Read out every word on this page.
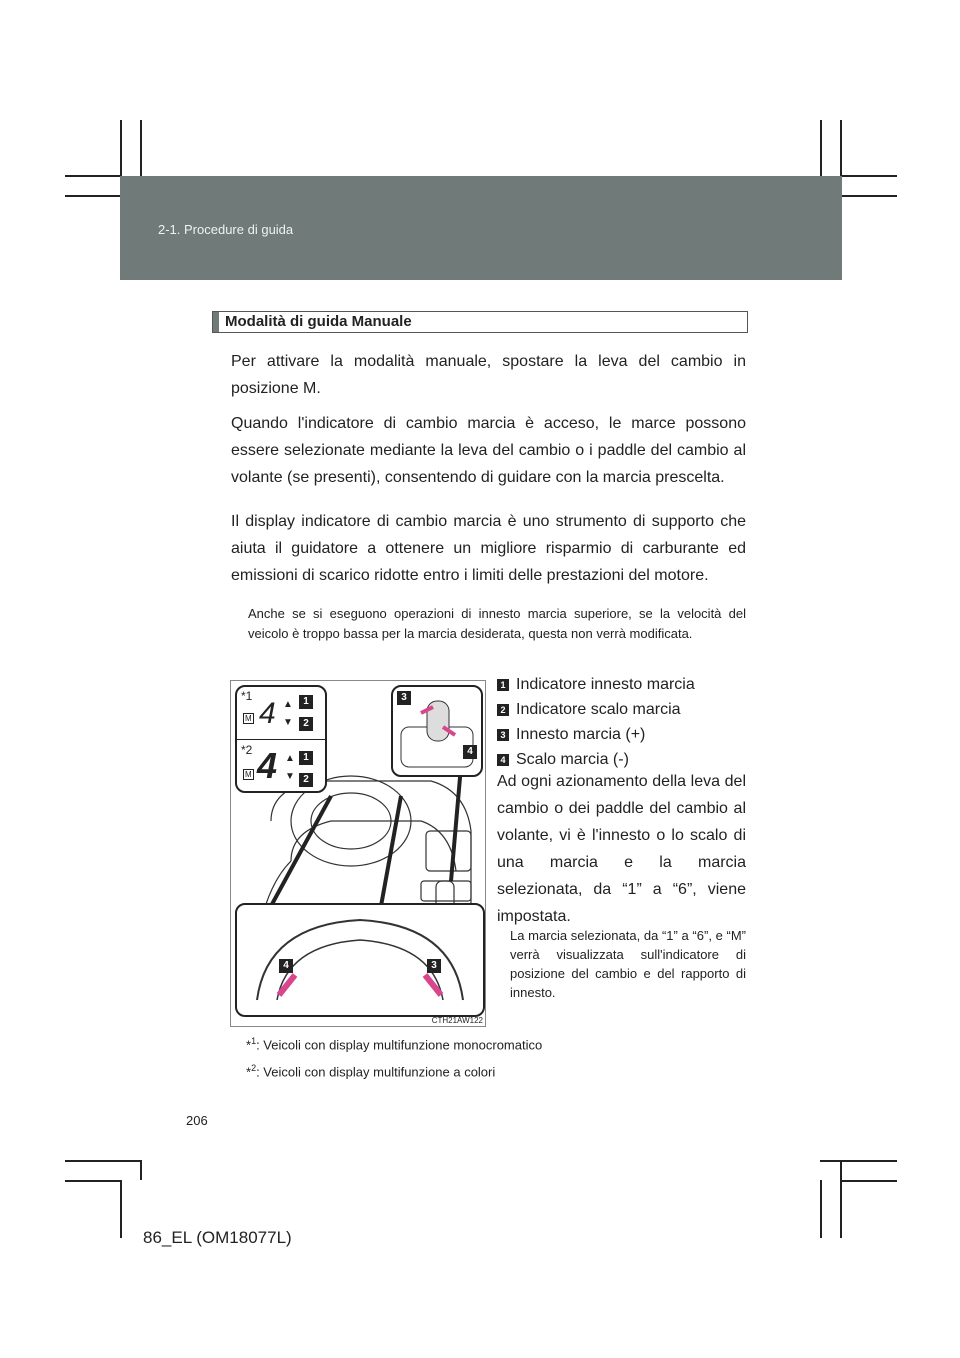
2-1. Procedure di guida
Modalità di guida Manuale

Per attivare la modalità manuale, spostare la leva del cambio in posizione M.

Quando l'indicatore di cambio marcia è acceso, le marce possono essere selezionate mediante la leva del cambio o i paddle del cambio al volante (se presenti), consentendo di guidare con la marcia prescelta.

Il display indicatore di cambio marcia è uno strumento di supporto che aiuta il guidatore a ottenere un migliore risparmio di carburante ed emissioni di scarico ridotte entro i limiti delle prestazioni del motore.

Anche se si eseguono operazioni di innesto marcia superiore, se la velocità del veicolo è troppo bassa per la marcia desiderata, questa non verrà modificata.

*1
M 4 ▲
▼
1
2
*2
M 4 ▲
▼
1
2
3
4
4	3
CTH21AW122
1 Indicatore innesto marcia
2 Indicatore scalo marcia
3 Innesto marcia (+)
4 Scalo marcia (-)

Ad ogni azionamento della leva del cambio o dei paddle del cambio al volante, vi è l'innesto o lo scalo di una marcia e la marcia selezionata, da “1” a “6”, viene impostata.

La marcia selezionata, da “1” a “6”, e “M” verrà visualizzata sull'indicatore di posizione del cambio e del rapporto di innesto.

*$^1$: Veicoli con display multifunzione monocromatico
*$^2$: Veicoli con display multifunzione a colori
206
86_EL (OM18077L)
